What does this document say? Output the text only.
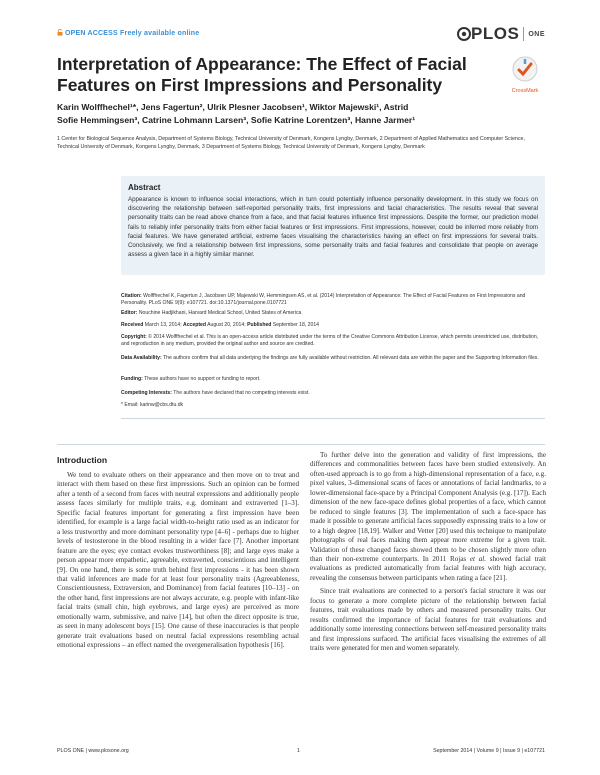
OPEN ACCESS Freely available online	PLOS ONE
Interpretation of Appearance: The Effect of Facial Features on First Impressions and Personality	CrossMark
Karin Wolffhechel¹*, Jens Fagertun², Ulrik Plesner Jacobsen¹, Wiktor Majewski¹, Astrid
Sofie Hemmingsen³, Catrine Lohmann Larsen³, Sofie Katrine Lorentzen³, Hanne Jarmer¹
1 Center for Biological Sequence Analysis, Department of Systems Biology, Technical University of Denmark, Kongens Lyngby, Denmark, 2 Department of Applied Mathematics and Computer Science, Technical University of Denmark, Kongens Lyngby, Denmark, 3 Department of Systems Biology, Technical University of Denmark, Kongens Lyngby, Denmark
Abstract
Appearance is known to influence social interactions, which in turn could potentially influence personality development. In this study we focus on discovering the relationship between self-reported personality traits, first impressions and facial characteristics. The results reveal that several personality traits can be read above chance from a face, and that facial features influence first impressions. Despite the former, our prediction model fails to reliably infer personality traits from either facial features or first impressions. First impressions, however, could be inferred more reliably from facial features. We have generated artificial, extreme faces visualising the characteristics having an effect on first impressions for several traits. Conclusively, we find a relationship between first impressions, some personality traits and facial features and consolidate that people on average assess a given face in a highly similar manner.
Citation: Wolffhechel K, Fagertun J, Jacobsen UP, Majewski W, Hemmingsen AS, et al. (2014) Interpretation of Appearance: The Effect of Facial Features on First Impressions and Personality. PLoS ONE 9(9): e107721. doi:10.1371/journal.pone.0107721
Editor: Nouchine Hadjikhani, Harvard Medical School, United States of America
Received March 13, 2014; Accepted August 20, 2014; Published September 18, 2014
Copyright: © 2014 Wolffhechel et al. This is an open-access article distributed under the terms of the Creative Commons Attribution License, which permits unrestricted use, distribution, and reproduction in any medium, provided the original author and source are credited.
Data Availability: The authors confirm that all data underlying the findings are fully available without restriction. All relevant data are within the paper and the Supporting Information files.
Funding: These authors have no support or funding to report.
Competing Interests: The authors have declared that no competing interests exist.
* Email: karinw@cbs.dtu.dk
Introduction

We tend to evaluate others on their appearance and then move on to treat and interact with them based on these first impressions. Such an opinion can be formed after a tenth of a second from faces with neutral expressions and additionally people assess faces similarly for multiple traits, e.g. dominant and extraverted [1–3]. Specific facial features important for generating a first impression have been identified, for example is a large facial width-to-height ratio used as an indicator for a less trustworthy and more dominant personality type [4–6] - perhaps due to higher levels of testosterone in the blood resulting in a wider face [7]. Another important feature are the eyes; eye contact evokes trustworthiness [8]; and large eyes make a person appear more empathetic, agreeable, extraverted, conscientious and intelligent [9]. On one hand, there is some truth behind first impressions - it has been shown that valid inferences are made for at least four personality traits (Agreeableness, Conscientiousness, Extraversion, and Dominance) from facial features [10–13] - on the other hand, first impressions are not always accurate, e.g. people with infant-like facial traits (small chin, high eyebrows, and large eyes) are perceived as more emotionally warm, submissive, and naive [14], but often the direct opposite is true, as seen in many adolescent boys [15]. One cause of these inaccuracies is that people generate trait evaluations based on neutral facial expressions resembling actual emotional expressions – an effect named the overgeneralisation hypothesis [16].

To further delve into the generation and validity of first impressions, the differences and commonalities between faces have been studied extensively. An often-used approach is to go from a high-dimensional representation of a face, e.g. pixel values, 3-dimensional scans of faces or annotations of facial landmarks, to a lower-dimensional face-space by a Principal Component Analysis (e.g. [17]). Each dimension of the new face-space defines global properties of a face, which cannot be reduced to single features [3]. The implementation of such a face-space has made it possible to generate artificial faces supposedly expressing traits to a low or to a high degree [18,19]. Walker and Vetter [20] used this technique to manipulate photographs of real faces making them appear more extreme for a given trait. Validation of these changed faces showed them to be chosen slightly more often than their non-extreme counterparts. In 2011 Rojas et al. showed facial trait evaluations as predicted automatically from facial features with high accuracy, revealing the consensus between participants when rating a face [21].

Since trait evaluations are connected to a person's facial structure it was our focus to generate a more complete picture of the relationship between facial features, trait evaluations made by others and measured personality traits. Our results confirmed the importance of facial features for trait evaluations and additionally some interesting connections between self-measured personality traits and first impressions surfaced. The artificial faces visualising the extremes of all traits were generated for men and women separately.

PLOS ONE | www.plosone.org	1	September 2014 | Volume 9 | Issue 9 | e107721
